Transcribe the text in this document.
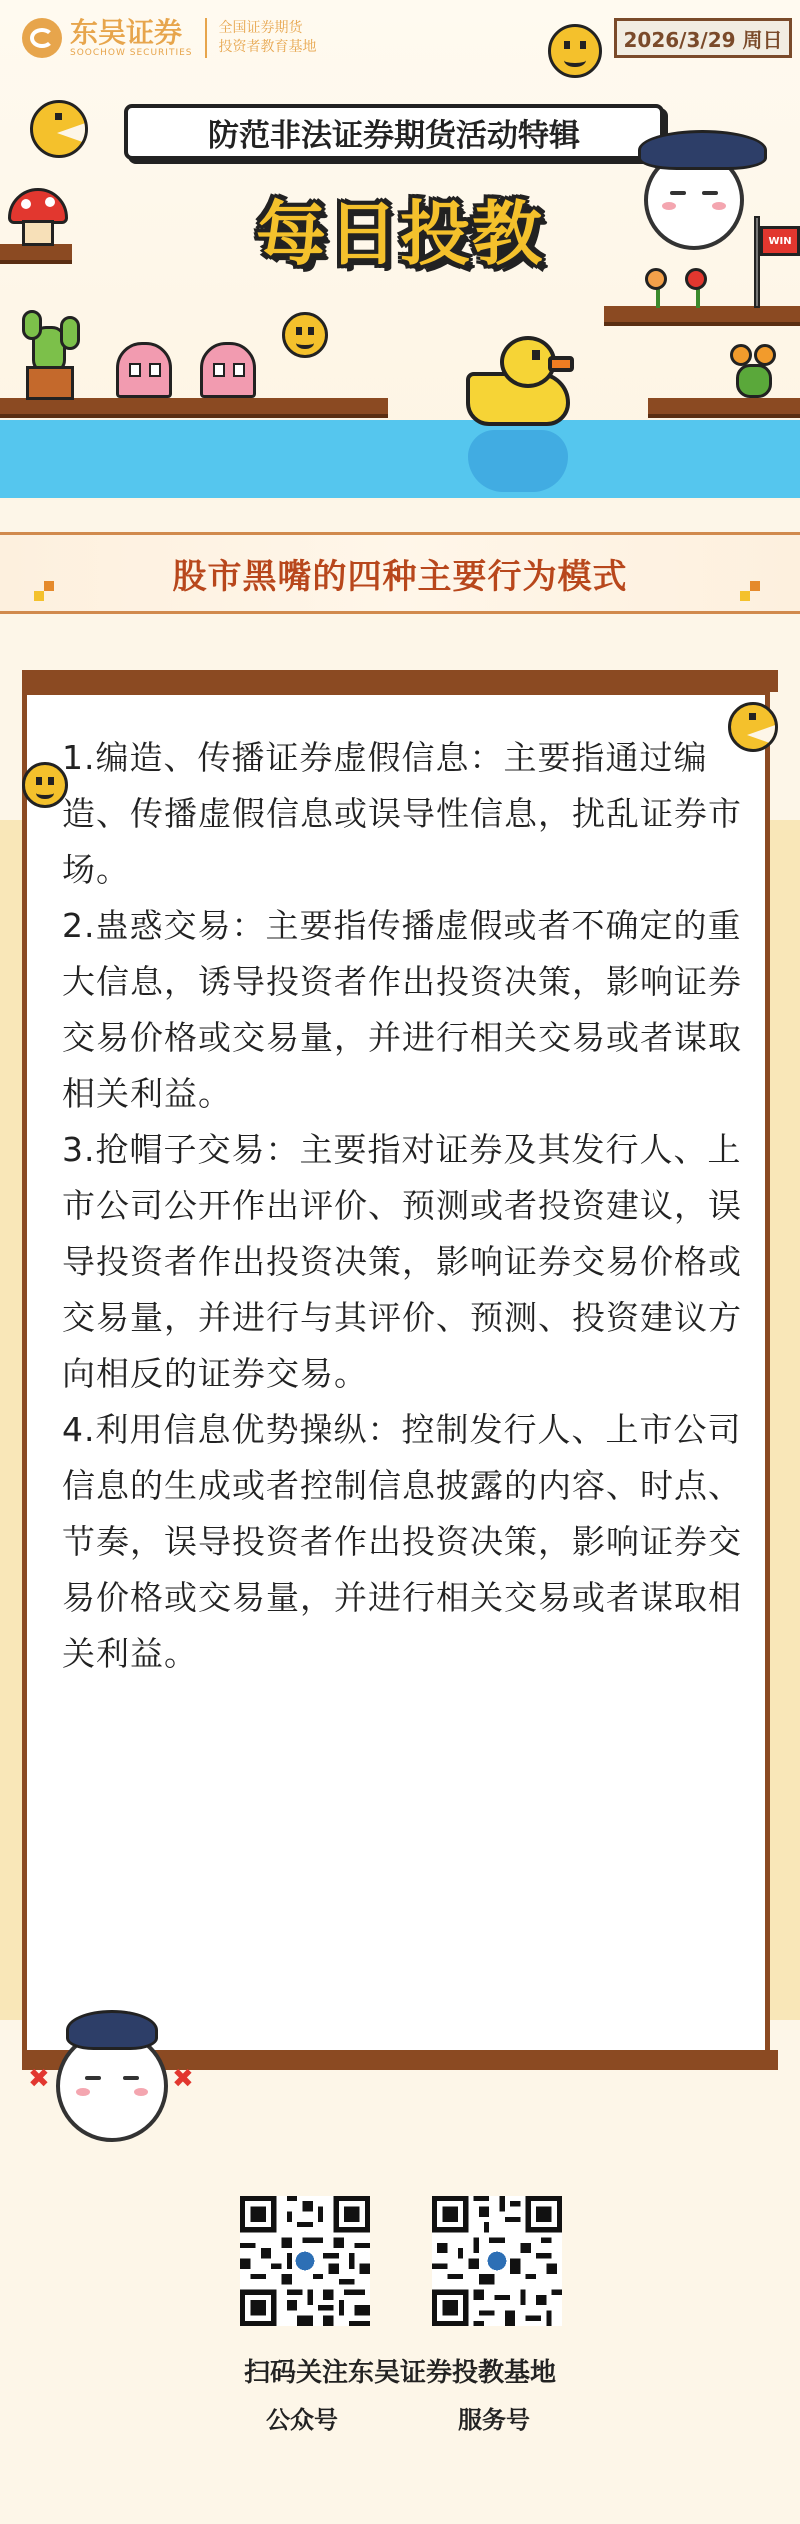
东吴证券
SOOCHOW SECURITIES
全国证券期货
投资者教育基地	2026/3/29 周日
防范非法证券期货活动特辑
每日投教	WIN
股市黑嘴的四种主要行为模式

1.编造、传播证券虚假信息：主要指通过编造、传播虚假信息或误导性信息，扰乱证券市场。

2.蛊惑交易：主要指传播虚假或者不确定的重大信息，诱导投资者作出投资决策，影响证券交易价格或交易量，并进行相关交易或者谋取相关利益。

3.抢帽子交易：主要指对证券及其发行人、上市公司公开作出评价、预测或者投资建议，误导投资者作出投资决策，影响证券交易价格或交易量，并进行与其评价、预测、投资建议方向相反的证券交易。

4.利用信息优势操纵：控制发行人、上市公司信息的生成或者控制信息披露的内容、时点、节奏，误导投资者作出投资决策，影响证券交易价格或交易量，并进行相关交易或者谋取相关利益。

✖	✖
扫码关注东吴证券投教基地
公众号	服务号
